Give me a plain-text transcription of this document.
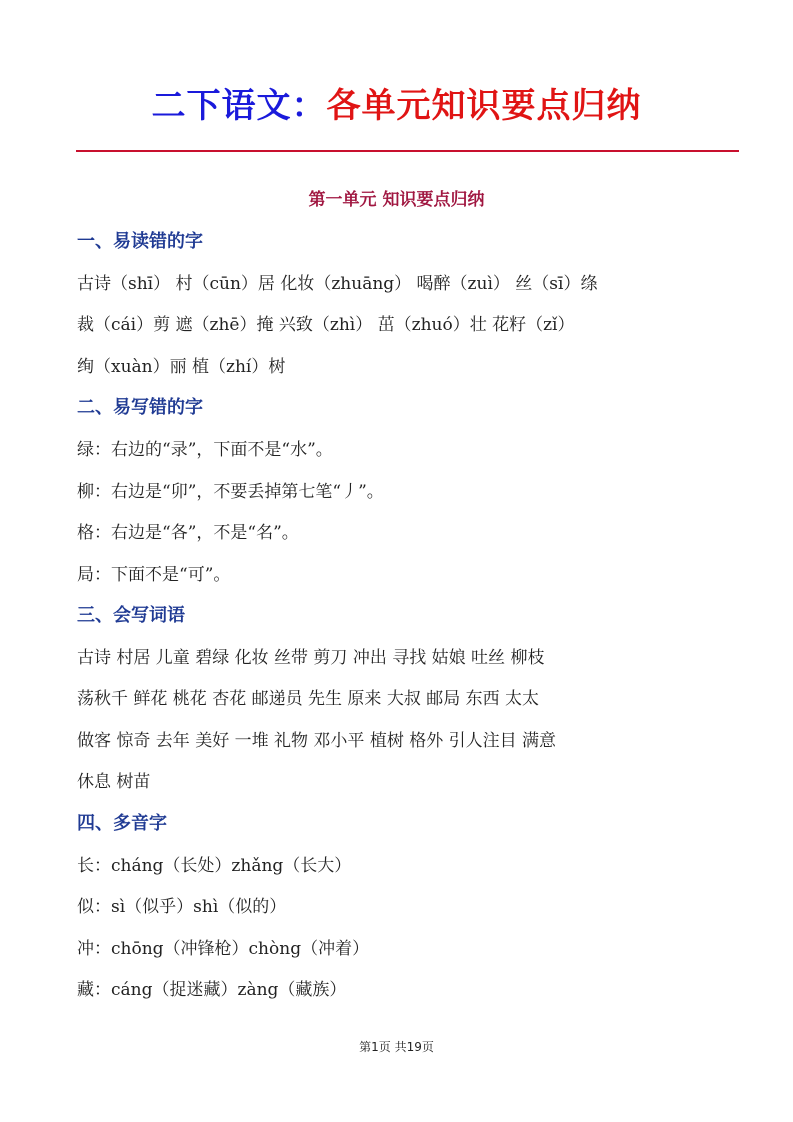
二下语文：各单元知识要点归纳
第一单元 知识要点归纳
一、易读错的字
古诗（shī） 村（cūn）居 化妆（zhuāng） 喝醉（zuì） 丝（sī）绦
裁（cái）剪 遮（zhē）掩 兴致（zhì） 茁（zhuó）壮 花籽（zǐ）
绚（xuàn）丽 植（zhí）树
二、易写错的字
绿：右边的“录”，下面不是“水”。
柳：右边是“卯”，不要丢掉第七笔“丿”。
格：右边是“各”，不是“名”。
局：下面不是“可”。
三、会写词语
古诗 村居 儿童 碧绿 化妆 丝带 剪刀 冲出 寻找 姑娘 吐丝 柳枝
荡秋千 鲜花 桃花 杏花 邮递员 先生 原来 大叔 邮局 东西 太太
做客 惊奇 去年 美好 一堆 礼物 邓小平 植树 格外 引人注目 满意
休息 树苗
四、多音字
长：cháng（长处）zhǎng（长大）
似：sì（似乎）shì（似的）
冲：chōng（冲锋枪）chòng（冲着）
藏：cáng（捉迷藏）zàng（藏族）
第1页 共19页
